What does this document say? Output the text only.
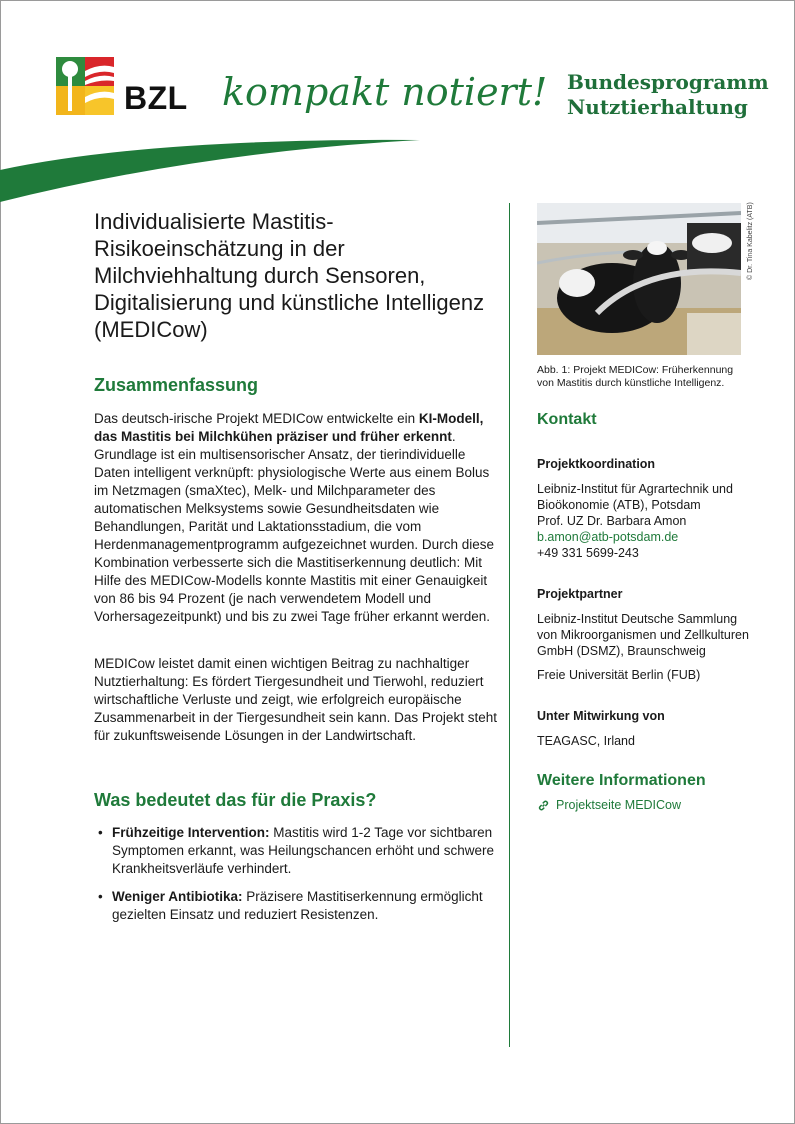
BZL kompakt notiert! Bundesprogramm
Nutztierhaltung
Individualisierte Mastitis-Risikoeinschätzung in der Milchviehhaltung durch Sensoren, Digitalisierung und künstliche Intelligenz (MEDICow)
Zusammenfassung

Das deutsch-irische Projekt MEDICow entwickelte ein KI-Modell, das Mastitis bei Milchkühen präziser und früher erkennt. Grundlage ist ein multisensorischer Ansatz, der tierindividuelle Daten intelligent verknüpft: physiologische Werte aus einem Bolus im Netzmagen (smaXtec), Melk- und Milchparameter des automatischen Melksystems sowie Gesundheitsdaten wie Behandlungen, Parität und Laktationsstadium, die vom Herdenmanagementprogramm aufgezeichnet wurden. Durch diese Kombination verbesserte sich die Mastitiserkennung deutlich: Mit Hilfe des MEDICow-Modells konnte Mastitis mit einer Genauigkeit von 86 bis 94 Prozent (je nach verwendetem Modell und Vorhersagezeitpunkt) und bis zu zwei Tage früher erkannt werden.

MEDICow leistet damit einen wichtigen Beitrag zu nachhaltiger Nutztierhaltung: Es fördert Tiergesundheit und Tierwohl, reduziert wirtschaftliche Verluste und zeigt, wie erfolgreich europäische Zusammenarbeit in der Tiergesundheit sein kann. Das Projekt steht für zukunftsweisende Lösungen in der Landwirtschaft.

Was bedeutet das für die Praxis?
• Frühzeitige Intervention: Mastitis wird 1-2 Tage vor sichtbaren Symptomen erkannt, was Heilungschancen erhöht und schwere Krankheitsverläufe verhindert.
• Weniger Antibiotika: Präzisere Mastitiserkennung ermöglicht gezielten Einsatz und reduziert Resistenzen.
© Dr. Tina Kabelitz (ATB)

Abb. 1: Projekt MEDICow: Früherkennung von Mastitis durch künstliche Intelligenz.

Kontakt
Projektkoordination
Leibniz-Institut für Agrartechnik und
Bioökonomie (ATB), Potsdam
Prof. UZ Dr. Barbara Amon
b.amon@atb-potsdam.de
+49 331 5699-243
Projektpartner

Leibniz-Institut Deutsche Sammlung von Mikroorganismen und Zellkulturen GmbH (DSMZ), Braunschweig

Freie Universität Berlin (FUB)

Unter Mitwirkung von

TEAGASC, Irland

Weitere Informationen
Projektseite MEDICow
